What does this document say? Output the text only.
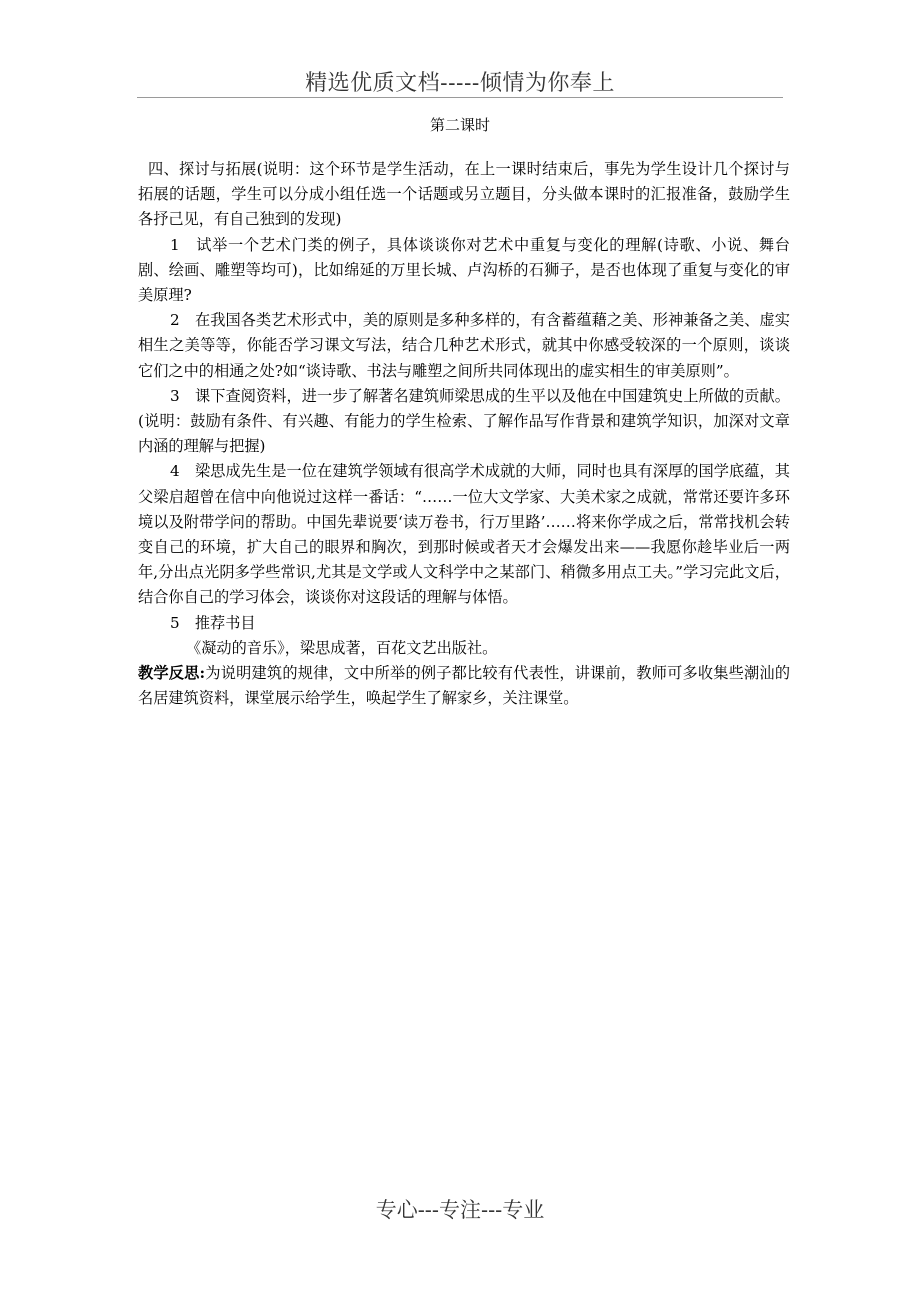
精选优质文档-----倾情为你奉上
第二课时

四、探讨与拓展(说明：这个环节是学生活动，在上一课时结束后，事先为学生设计几个探讨与拓展的话题，学生可以分成小组任选一个话题或另立题目，分头做本课时的汇报准备，鼓励学生各抒己见，有自己独到的发现)

1　试举一个艺术门类的例子，具体谈谈你对艺术中重复与变化的理解(诗歌、小说、舞台剧、绘画、雕塑等均可)，比如绵延的万里长城、卢沟桥的石狮子，是否也体现了重复与变化的审美原理?

2　在我国各类艺术形式中，美的原则是多种多样的，有含蓄蕴藉之美、形神兼备之美、虚实相生之美等等，你能否学习课文写法，结合几种艺术形式，就其中你感受较深的一个原则，谈谈它们之中的相通之处?如“谈诗歌、书法与雕塑之间所共同体现出的虚实相生的审美原则”。

3　课下查阅资料，进一步了解著名建筑师梁思成的生平以及他在中国建筑史上所做的贡献。(说明：鼓励有条件、有兴趣、有能力的学生检索、了解作品写作背景和建筑学知识，加深对文章内涵的理解与把握)

4　梁思成先生是一位在建筑学领域有很高学术成就的大师，同时也具有深厚的国学底蕴，其父梁启超曾在信中向他说过这样一番话：“……一位大文学家、大美术家之成就，常常还要许多环境以及附带学问的帮助。中国先辈说要‘读万卷书，行万里路’……将来你学成之后，常常找机会转变自己的环境，扩大自己的眼界和胸次，到那时候或者天才会爆发出来——我愿你趁毕业后一两年,分出点光阴多学些常识,尤其是文学或人文科学中之某部门、稍微多用点工夫。”学习完此文后，结合你自己的学习体会，谈谈你对这段话的理解与体悟。

5　推荐书目

《凝动的音乐》，梁思成著，百花文艺出版社。

教学反思:为说明建筑的规律，文中所举的例子都比较有代表性，讲课前，教师可多收集些潮汕的名居建筑资料，课堂展示给学生，唤起学生了解家乡，关注课堂。

专心---专注---专业
